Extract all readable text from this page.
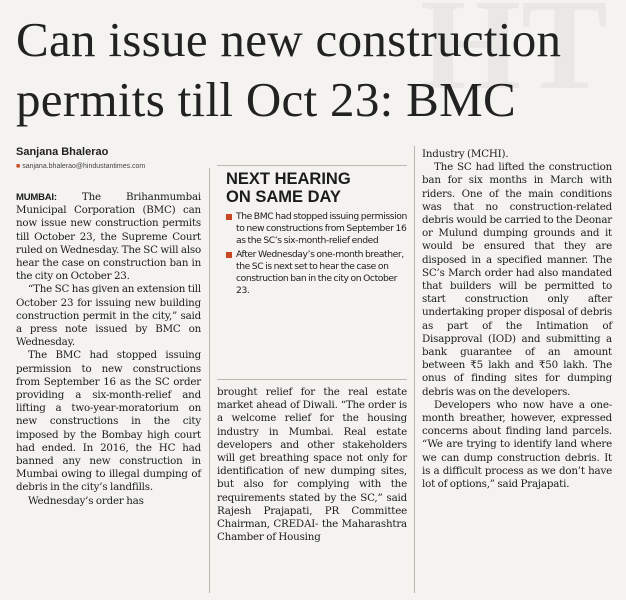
HT
Can issue new construction
permits till Oct 23: BMC
Sanjana Bhalerao
■ sanjana.bhalerao@hindustantimes.com

MUMBAI: The Brihanmumbai Municipal Corporation (BMC) can now issue new construction permits till October 23, the Supreme Court ruled on Wednesday. The SC will also hear the case on construction ban in the city on October 23.

“The SC has given an extension till October 23 for issuing new building construction permit in the city,” said a press note issued by BMC on Wednesday.

The BMC had stopped issuing permission to new constructions from September 16 as the SC order providing a six-month-relief and lifting a two-year-moratorium on new constructions in the city imposed by the Bombay high court had ended. In 2016, the HC had banned any new construction in Mumbai owing to illegal dumping of debris in the city’s landfills.

Wednesday’s order has

NEXT HEARING
ON SAME DAY
The BMC had stopped issuing permission to new constructions from September 16 as the SC’s six-month-relief ended
After Wednesday’s one-month breather, the SC is next set to hear the case on construction ban in the city on October 23.

brought relief for the real estate market ahead of Diwali. “The order is a welcome relief for the housing industry in Mumbai. Real estate developers and other stakeholders will get breathing space not only for identification of new dumping sites, but also for complying with the requirements stated by the SC,” said Rajesh Prajapati, PR Committee Chairman, CREDAI- the Maharashtra Chamber of Housing

Industry (MCHI).

The SC had lifted the construction ban for six months in March with riders. One of the main conditions was that no construction-related debris would be carried to the Deonar or Mulund dumping grounds and it would be ensured that they are disposed in a specified manner. The SC’s March order had also mandated that builders will be permitted to start construction only after undertaking proper disposal of debris as part of the Intimation of Disapproval (IOD) and submitting a bank guarantee of an amount between ₹5 lakh and ₹50 lakh. The onus of finding sites for dumping debris was on the developers.

Developers who now have a one-month breather, however, expressed concerns about finding land parcels. “We are trying to identify land where we can dump construction debris. It is a difficult process as we don’t have lot of options,” said Prajapati.
